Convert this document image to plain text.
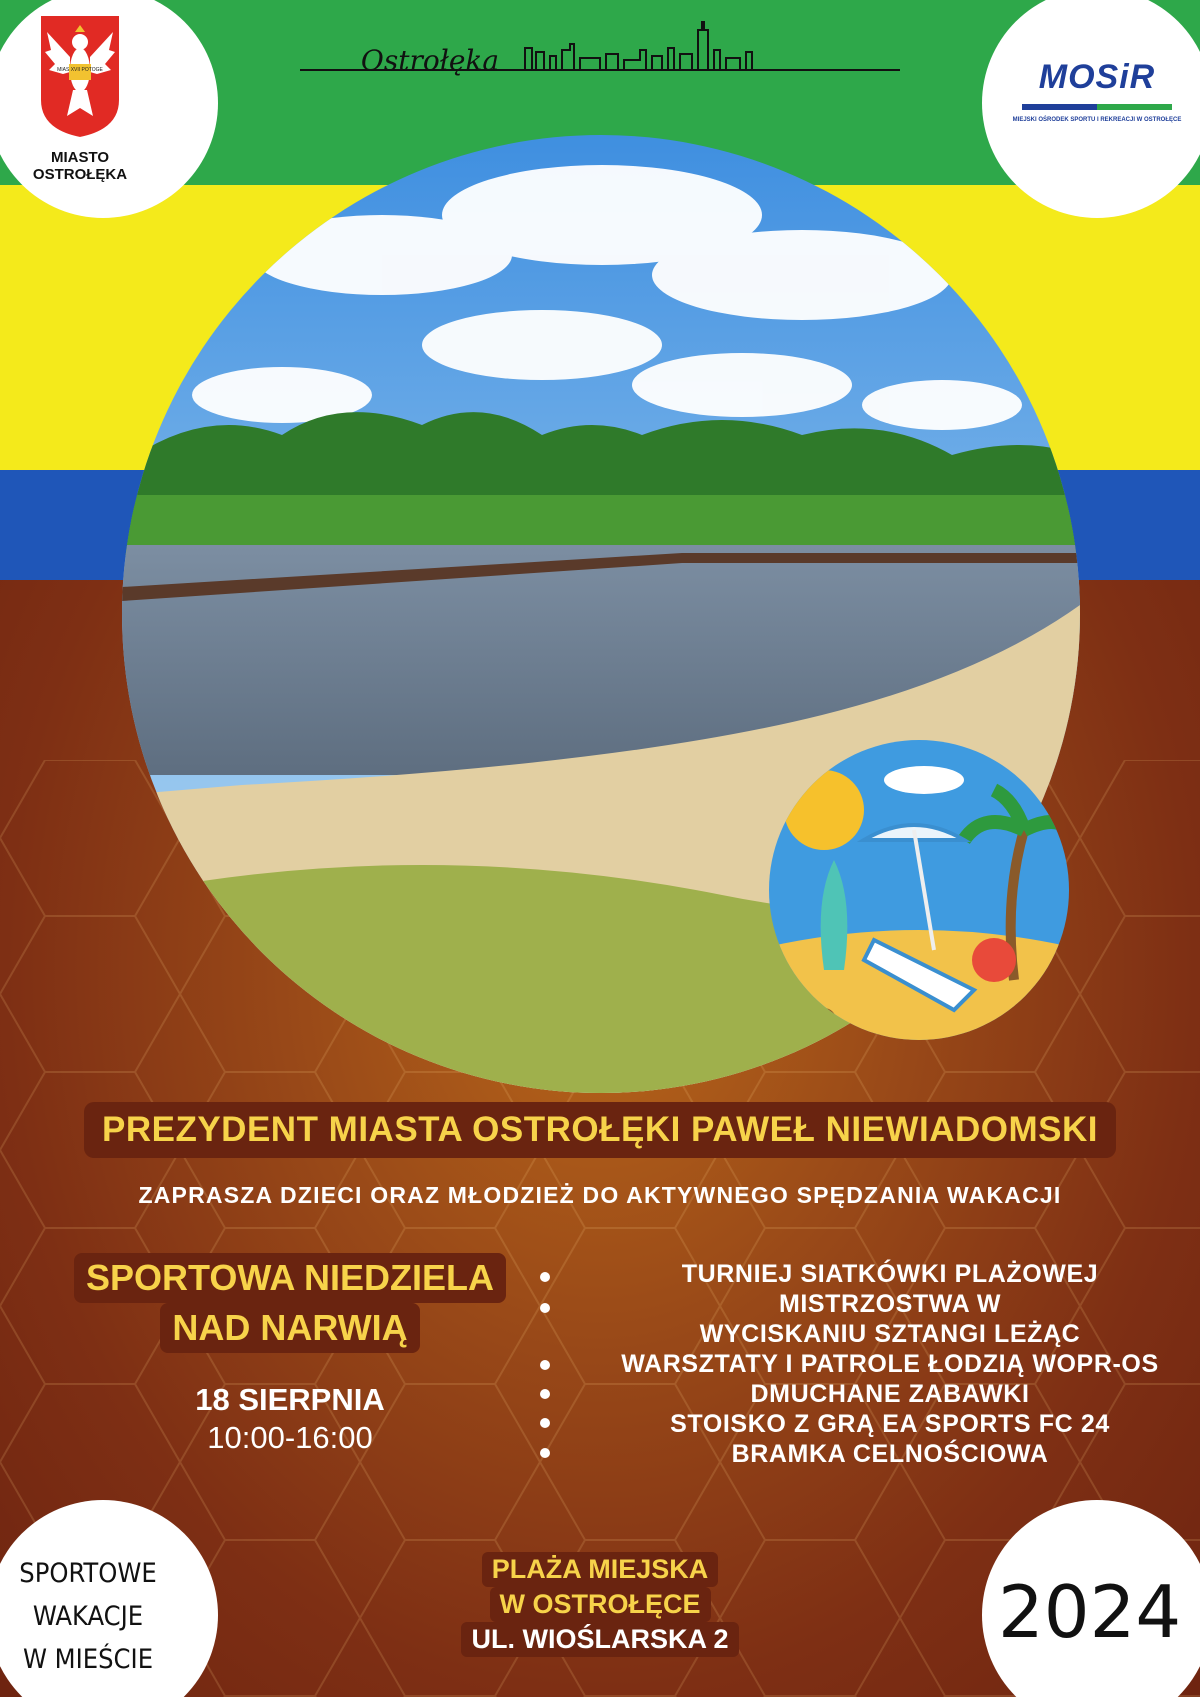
MIAS XVII POTOGE
MIASTO
OSTROŁĘKA
Ostrołęka	MOSiR
MIEJSKI OŚRODEK SPORTU I REKREACJI W OSTROŁĘCE
PREZYDENT MIASTA OSTROŁĘKI PAWEŁ NIEWIADOMSKI
ZAPRASZA DZIECI ORAZ MŁODZIEŻ DO AKTYWNEGO SPĘDZANIA WAKACJI
SPORTOWA NIEDZIELA
NAD NARWIĄ
18 SIERPNIA
10:00-16:00
TURNIEJ SIATKÓWKI PLAŻOWEJ
MISTRZOSTWA W
WYCISKANIU SZTANGI LEŻĄC
WARSZTATY I PATROLE ŁODZIĄ WOPR-OS
DMUCHANE ZABAWKI
STOISKO Z GRĄ EA SPORTS FC 24
BRAMKA CELNOŚCIOWA
PLAŻA MIEJSKA
W OSTROŁĘCE
UL. WIOŚLARSKA 2
SPORTOWE
WAKACJE
W MIEŚCIE
2024
